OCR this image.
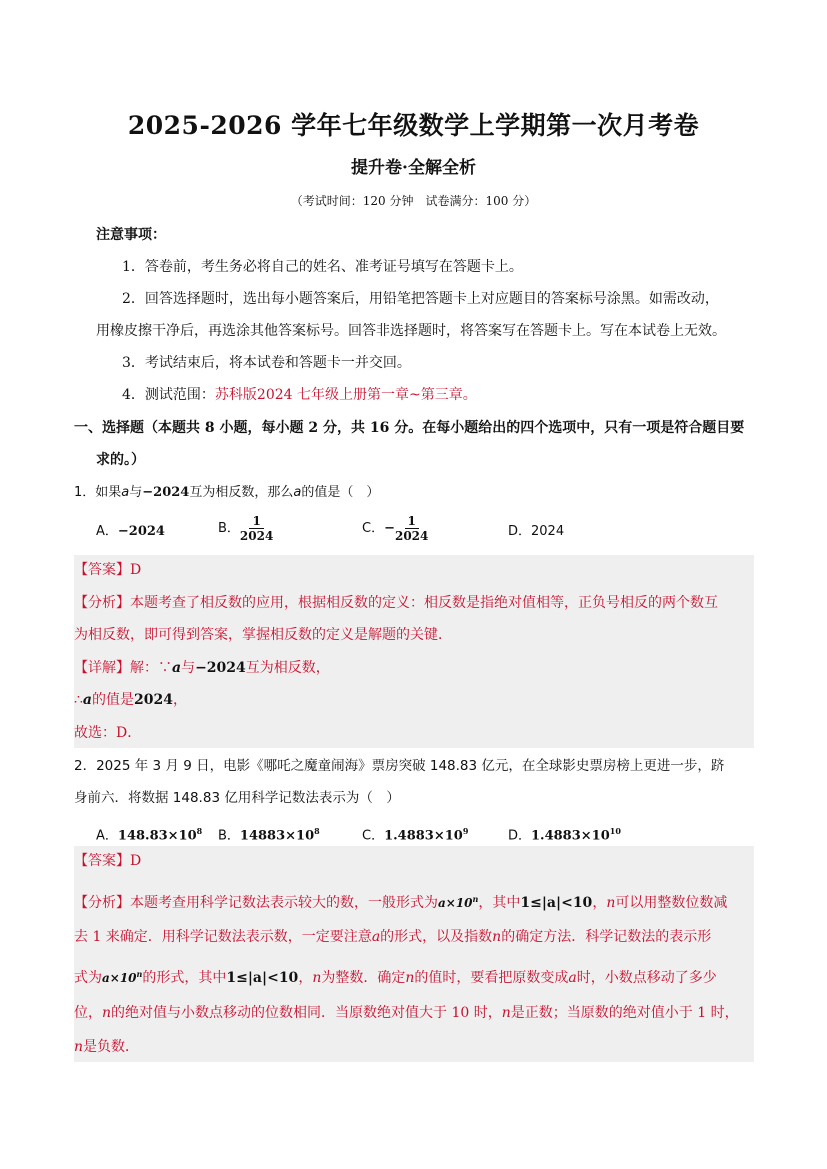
2025-2026 学年七年级数学上学期第一次月考卷
提升卷·全解全析
（考试时间：120 分钟　试卷满分：100 分）
注意事项：
1．答卷前，考生务必将自己的姓名、准考证号填写在答题卡上。
2．回答选择题时，选出每小题答案后，用铅笔把答题卡上对应题目的答案标号涂黑。如需改动，
用橡皮擦干净后，再选涂其他答案标号。回答非选择题时，将答案写在答题卡上。写在本试卷上无效。
3．考试结束后，将本试卷和答题卡一并交回。
4．测试范围：苏科版2024 七年级上册第一章~第三章。
一、选择题（本题共 8 小题，每小题 2 分，共 16 分。在每小题给出的四个选项中，只有一项是符合题目要
求的。）
1．如果a与−2024互为相反数，那么a的值是（　）
A．−2024	B． $\frac{1}{2024}$	C．− $\frac{1}{2024}$	D．2024
【答案】D
【分析】本题考查了相反数的应用，根据相反数的定义：相反数是指绝对值相等，正负号相反的两个数互
为相反数，即可得到答案，掌握相反数的定义是解题的关键．
【详解】解：∵a与−2024互为相反数，
∴a的值是2024，
故选：D．
2．2025 年 3 月 9 日，电影《哪吒之魔童闹海》票房突破 148.83 亿元，在全球影史票房榜上更进一步，跻
身前六．将数据 148.83 亿用科学记数法表示为（　）
A．$148.83\times 10^8$ B．$14883\times 10^8$	C．$1.4883\times 10^9$	D．$1.4883\times 10^{10}$
【答案】D
【分析】本题考查用科学记数法表示较大的数，一般形式为$a\times 10^n$，其中1≤|a|<10，n可以用整数位数减
去 1 来确定．用科学记数法表示数，一定要注意a的形式，以及指数n的确定方法．科学记数法的表示形
式为$a\times 10^n$的形式，其中1≤|a|<10，n为整数．确定n的值时，要看把原数变成a时，小数点移动了多少
位，n的绝对值与小数点移动的位数相同．当原数绝对值大于 10 时，n是正数；当原数的绝对值小于 1 时，
n是负数．
